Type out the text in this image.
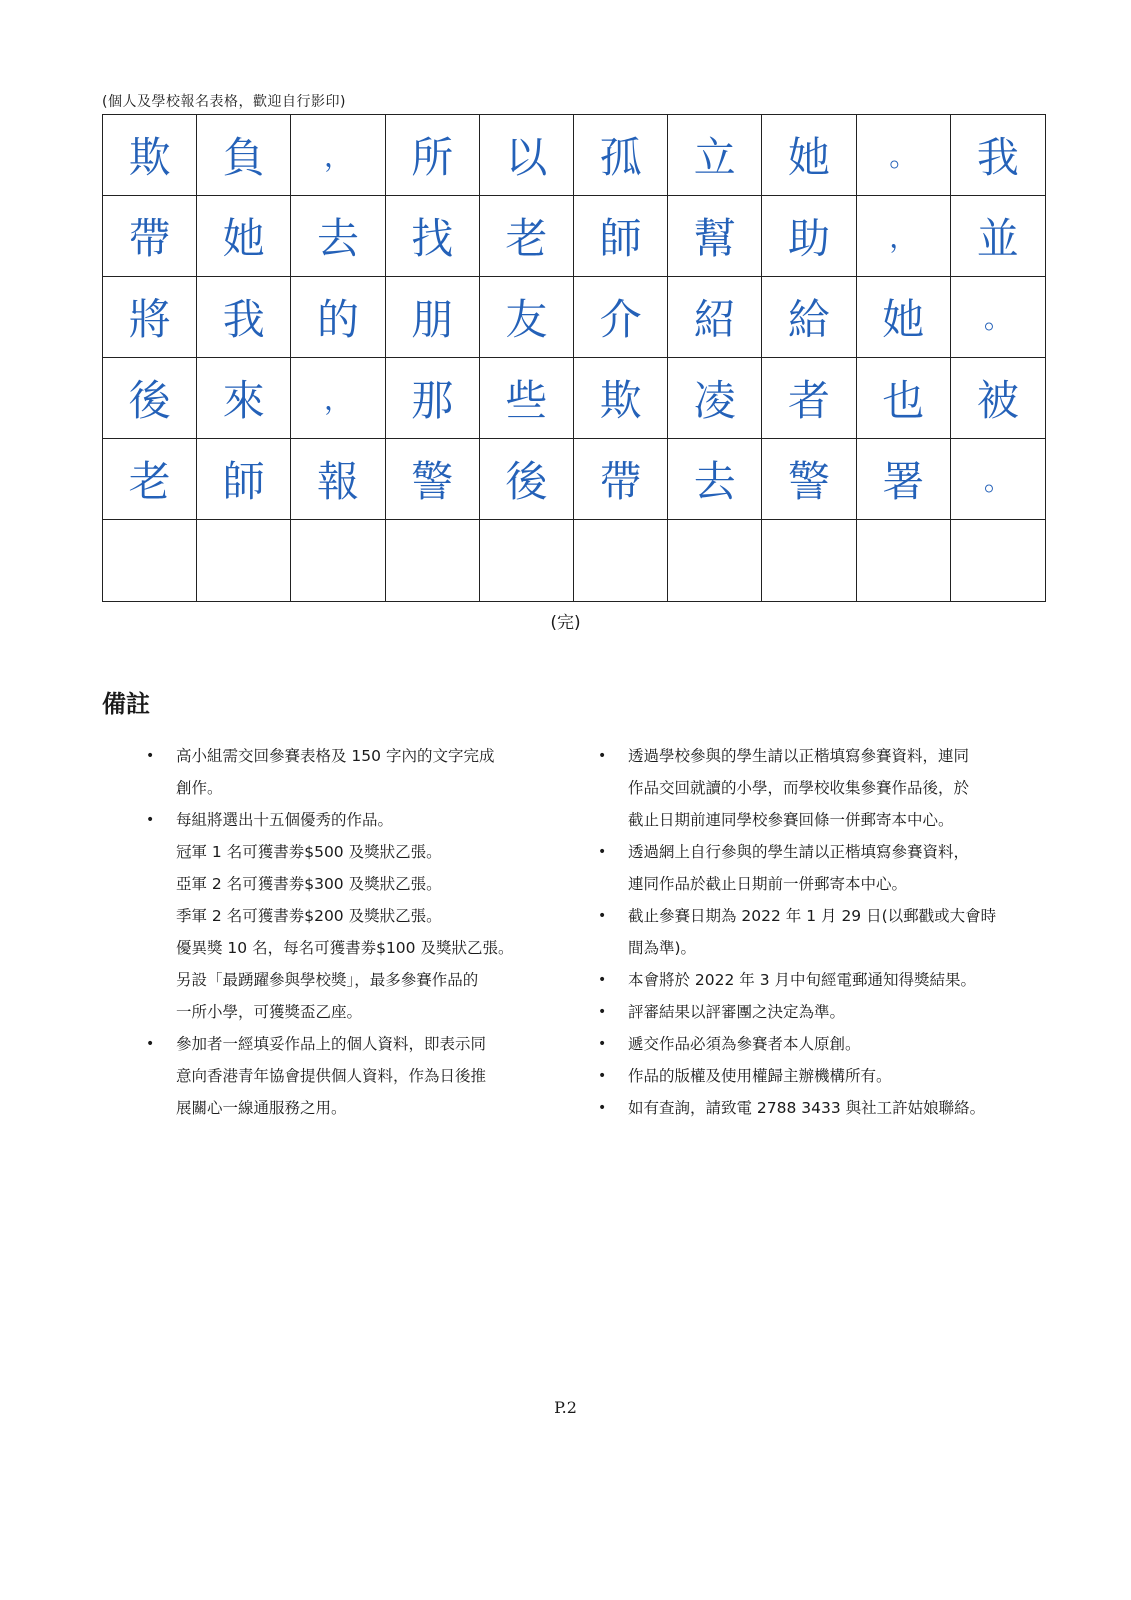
(個人及學校報名表格，歡迎自行影印)
欺	負	，	所	以	孤	立	她	。	我
帶	她	去	找	老	師	幫	助	，	並
將	我	的	朋	友	介	紹	給	她	。
後	來	，	那	些	欺	凌	者	也	被
老	師	報	警	後	帶	去	警	署	。
(完)
備註
• 高小組需交回參賽表格及 150 字內的文字完成
創作。
• 每組將選出十五個優秀的作品。
冠軍 1 名可獲書劵$500 及獎狀乙張。
亞軍 2 名可獲書劵$300 及獎狀乙張。
季軍 2 名可獲書劵$200 及獎狀乙張。
優異獎 10 名，每名可獲書劵$100 及獎狀乙張。
另設「最踴躍參與學校獎」，最多參賽作品的
一所小學，可獲獎盃乙座。
• 參加者一經填妥作品上的個人資料，即表示同
意向香港青年協會提供個人資料，作為日後推
展關心一線通服務之用。
• 透過學校參與的學生請以正楷填寫參賽資料，連同
作品交回就讀的小學，而學校收集參賽作品後，於
截止日期前連同學校參賽回條一併郵寄本中心。
• 透過網上自行參與的學生請以正楷填寫參賽資料，
連同作品於截止日期前一併郵寄本中心。
• 截止參賽日期為 2022 年 1 月 29 日(以郵戳或大會時
間為準)。
• 本會將於 2022 年 3 月中旬經電郵通知得獎結果。
• 評審結果以評審團之決定為準。
• 遞交作品必須為參賽者本人原創。
• 作品的版權及使用權歸主辦機構所有。
• 如有查詢，請致電 2788 3433 與社工許姑娘聯絡。
P.2
